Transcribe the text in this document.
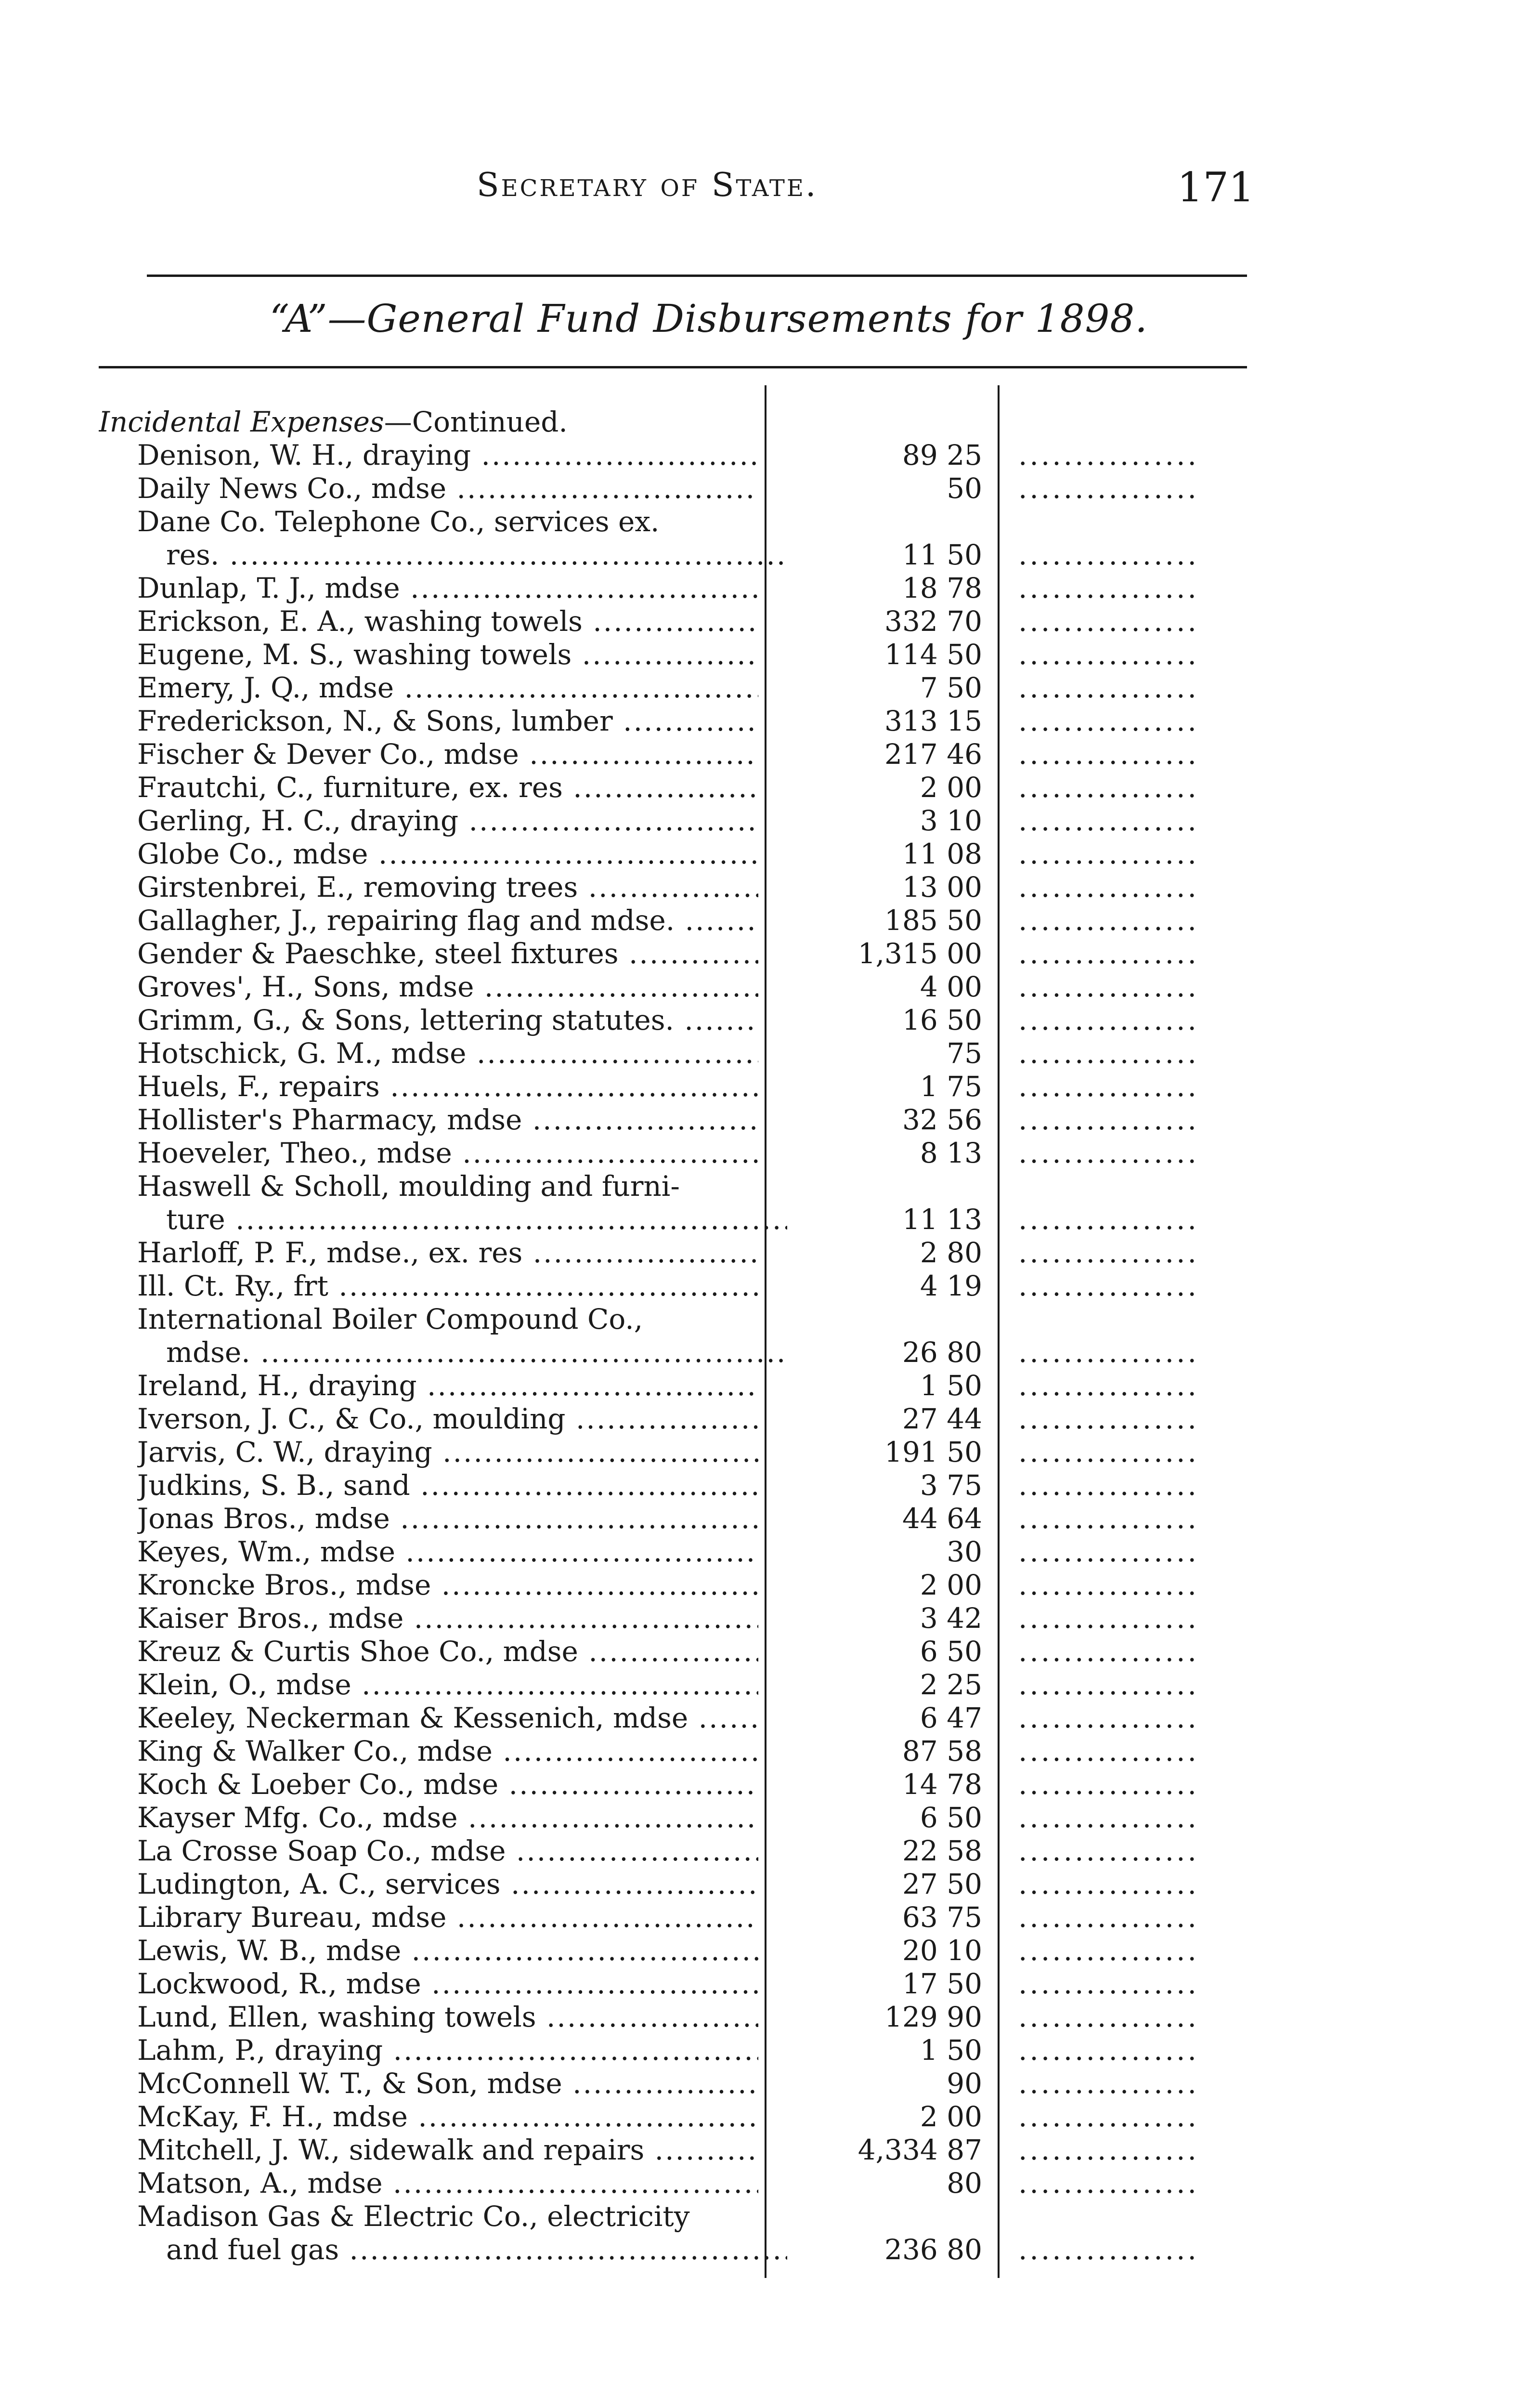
Secretary of State.	171
“A”—General Fund Disbursements for 1898.
Incidental Expenses—Continued.
Denison, W. H., draying .....	89 25 ................
Daily News Co., mdse .....	50 ................
Dane Co. Telephone Co., services ex.
res. .....	11 50 ................
Dunlap, T. J., mdse .....	18 78 ................
Erickson, E. A., washing towels .....	332 70 ................
Eugene, M. S., washing towels .....	114 50 ................
Emery, J. Q., mdse .....	7 50 ................
Frederickson, N., & Sons, lumber .....	313 15 ................
Fischer & Dever Co., mdse .....	217 46 ................
Frautchi, C., furniture, ex. res .....	2 00 ................
Gerling, H. C., draying .....	3 10 ................
Globe Co., mdse .....	11 08 ................
Girstenbrei, E., removing trees .....	13 00 ................
Gallagher, J., repairing flag and mdse. .....	185 50 ................
Gender & Paeschke, steel fixtures .....	1,315 00 ................
Groves', H., Sons, mdse .....	4 00 ................
Grimm, G., & Sons, lettering statutes. .....	16 50 ................
Hotschick, G. M., mdse .....	75 ................
Huels, F., repairs .....	1 75 ................
Hollister's Pharmacy, mdse .....	32 56 ................
Hoeveler, Theo., mdse .....	8 13 ................
Haswell & Scholl, moulding and furni-
ture .....	11 13 ................
Harloff, P. F., mdse., ex. res .....	2 80 ................
Ill. Ct. Ry., frt .....	4 19 ................
International Boiler Compound Co.,
mdse. .....	26 80 ................
Ireland, H., draying .....	1 50 ................
Iverson, J. C., & Co., moulding .....	27 44 ................
Jarvis, C. W., draying .....	191 50 ................
Judkins, S. B., sand .....	3 75 ................
Jonas Bros., mdse .....	44 64 ................
Keyes, Wm., mdse .....	30 ................
Kroncke Bros., mdse .....	2 00 ................
Kaiser Bros., mdse .....	3 42 ................
Kreuz & Curtis Shoe Co., mdse .....	6 50 ................
Klein, O., mdse .....	2 25 ................
Keeley, Neckerman & Kessenich, mdse .....	6 47 ................
King & Walker Co., mdse .....	87 58 ................
Koch & Loeber Co., mdse .....	14 78 ................
Kayser Mfg. Co., mdse .....	6 50 ................
La Crosse Soap Co., mdse .....	22 58 ................
Ludington, A. C., services .....	27 50 ................
Library Bureau, mdse .....	63 75 ................
Lewis, W. B., mdse .....	20 10 ................
Lockwood, R., mdse .....	17 50 ................
Lund, Ellen, washing towels .....	129 90 ................
Lahm, P., draying .....	1 50 ................
McConnell W. T., & Son, mdse .....	90 ................
McKay, F. H., mdse .....	2 00 ................
Mitchell, J. W., sidewalk and repairs .....	4,334 87 ................
Matson, A., mdse .....	80 ................
Madison Gas & Electric Co., electricity
and fuel gas .....	236 80 ................
